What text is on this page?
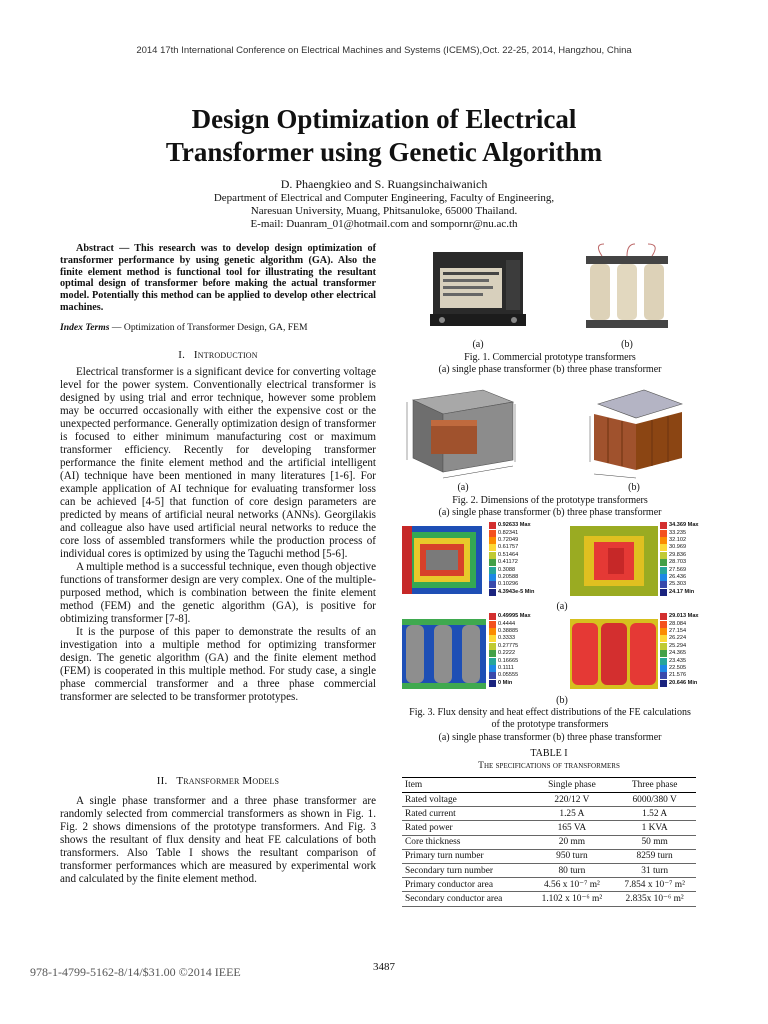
2014 17th International Conference on Electrical Machines and Systems (ICEMS),Oct. 22-25, 2014, Hangzhou, China
Design Optimization of Electrical
Transformer using Genetic Algorithm
D. Phaengkieo and S. Ruangsinchaiwanich
Department of Electrical and Computer Engineering, Faculty of Engineering,
Naresuan University, Muang, Phitsanuloke, 65000 Thailand.
E-mail: Duanram_01@hotmail.com and sompornr@nu.ac.th
Abstract — This research was to develop design optimization of transformer performance by using genetic algorithm (GA). Also the finite element method is functional tool for illustrating the resultant optimal design of transformer before making the actual transformer model. Potentially this method can be applied to develop other electrical machines.
Index Terms — Optimization of Transformer Design, GA, FEM
I. Introduction

Electrical transformer is a significant device for converting voltage level for the power system. Conventionally electrical transformer is designed by using trial and error technique, however some problem may be occurred occasionally with either the expensive cost or the unexpected performance. Generally optimization design of transformer is focused to either minimum manufacturing cost or maximum transformer efficiency. Recently for developing transformer performance the finite element method and the artificial intelligent (AI) technique have been mentioned in many literatures [1-6]. For example application of AI technique for evaluating transformer loss can be achieved [4-5] that function of core design parameters are predicted by means of artificial neural networks (ANNs). Georgilakis and colleague also have used artificial neural networks to reduce the core loss of assembled transformers while the production process of individual cores is optimized by using the Taguchi method [5-6].

A multiple method is a successful technique, even though objective functions of transformer design are very complex. One of the multiple-purposed method, which is combination between the finite element method (FEM) and the genetic algorithm (GA), is positive for obtimizing transformer [7-8].

It is the purpose of this paper to demonstrate the results of an investigation into a multiple method for optimizing transformer design. The genetic algorithm (GA) and the finite element method (FEM) is cooperated in this multiple method. For study case, a single phase commercial transformer and a three phase commercial transformer are selected to be transformer prototypes.

II. Transformer Models

A single phase transformer and a three phase transformer are randomly selected from commercial transformers as shown in Fig. 1. Fig. 2 shows dimensions of the prototype transformers. And Fig. 3 shows the resultant of flux density and heat FE calculations of both transformers. Also Table I shows the resultant comparison of transformer performances which are measured by experimental work and calculated by the finite element method.

(a)	(b)
Fig. 1. Commercial prototype transformers
(a) single phase transformer (b) three phase transformer
(a)	(b)
Fig. 2. Dimensions of the prototype transformers
(a) single phase transformer (b) three phase transformer
0.92633 Max
0.82341
0.72049
0.61757
0.51464
0.41172
0.3088
0.20588
0.10296
4.3943e-5 Min
34.369 Max
33.235
32.102
30.969
29.836
28.703
27.569
26.436
25.303
24.17 Min
(a)
0.49995 Max
0.4444
0.38885
0.3333
0.27775
0.2222
0.16665
0.1111
0.05555
0 Min
29.013 Max
28.084
27.154
26.224
25.294
24.365
23.435
22.505
21.576
20.646 Min
(b)
Fig. 3. Flux density and heat effect distributions of the FE calculations
of the prototype transformers
(a) single phase transformer (b) three phase transformer
TABLE I
The specifications of transformers
Item	Single phase	Three phase
Rated voltage	220/12 V	6000/380 V
Rated current	1.25 A	1.52 A
Rated power	165 VA	1 KVA
Core thickness	20 mm	50 mm
Primary turn number	950 turn	8259 turn
Secondary turn number	80 turn	31 turn
Primary conductor area	4.56 x 10⁻⁷ m²	7.854 x 10⁻⁷ m²
Secondary conductor area	1.102 x 10⁻⁶ m²	2.835x 10⁻⁶ m²
978-1-4799-5162-8/14/$31.00 ©2014 IEEE	3487
